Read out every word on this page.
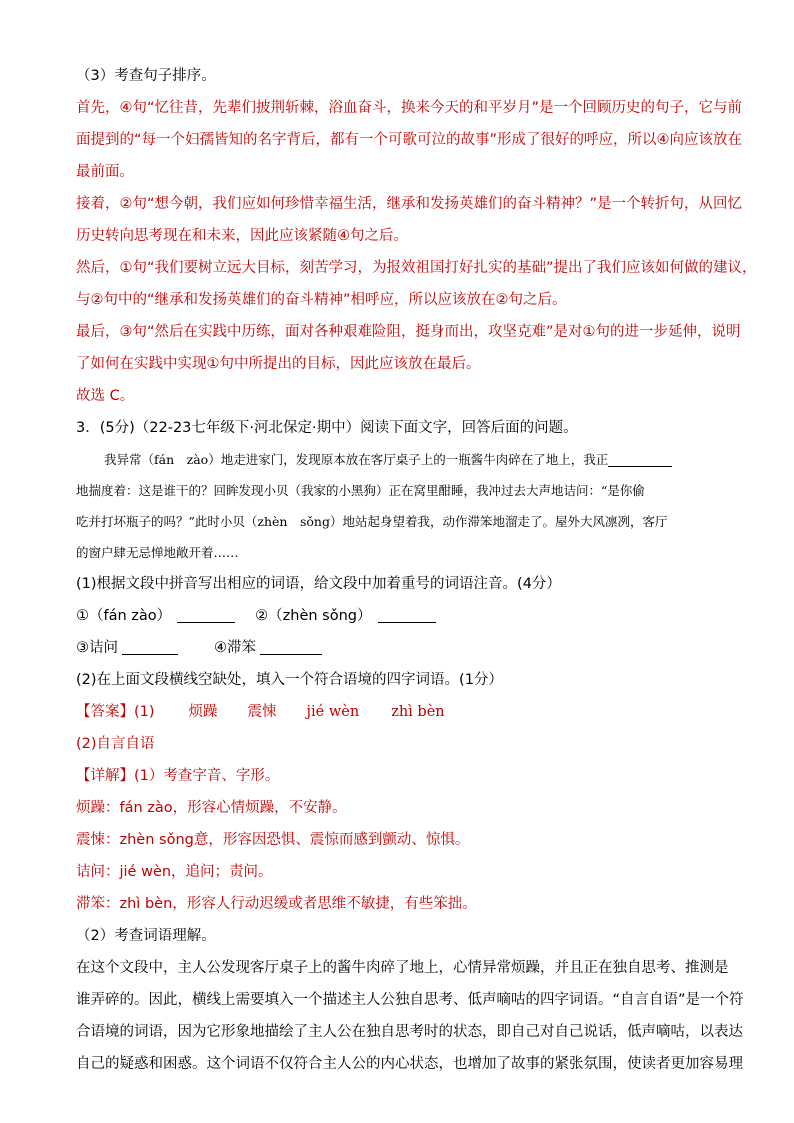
（3）考查句子排序。
首先，④句“忆往昔，先辈们披荆斩棘，浴血奋斗，换来今天的和平岁月”是一个回顾历史的句子，它与前
面提到的“每一个妇孺皆知的名字背后，都有一个可歌可泣的故事”形成了很好的呼应，所以④向应该放在
最前面。
接着，②句“想今朝，我们应如何珍惜幸福生活，继承和发扬英雄们的奋斗精神？”是一个转折句，从回忆
历史转向思考现在和未来，因此应该紧随④句之后。
然后，①句“我们要树立远大目标，刻苦学习，为报效祖国打好扎实的基础”提出了我们应该如何做的建议，
与②句中的“继承和发扬英雄们的奋斗精神”相呼应，所以应该放在②句之后。
最后，③句“然后在实践中历练，面对各种艰难险阻，挺身而出，攻坚克难”是对①句的进一步延伸，说明
了如何在实践中实现①句中所提出的目标，因此应该放在最后。
故选 C。
3．(5分)（22-23七年级下·河北保定·期中）阅读下面文字，回答后面的问题。
我异常（fán　zào）地走进家门，发现原本放在客厅桌子上的一瓶酱牛肉碎在了地上，我正
地揣度着：这是谁干的？回眸发现小贝（我家的小黑狗）正在窝里酣睡，我冲过去大声地诘问：“是你偷
吃并打坏瓶子的吗？”此时小贝（zhèn　sǒng）地站起身望着我，动作滞笨地溜走了。屋外大风凛冽，客厅
的窗户肆无忌惮地敞开着……
(1)根据文段中拼音写出相应的词语，给文段中加着重号的词语注音。(4分）
①（fán zào）	②（zhèn sǒng）
③诘问	④滞笨
(2)在上面文段横线空缺处，填入一个符合语境的四字词语。(1分）
【答案】(1) 烦躁 震悚 jié wèn zhì bèn
(2)自言自语
【详解】(1）考查字音、字形。
烦躁：fán zào，形容心情烦躁，不安静。
震悚：zhèn sǒng意，形容因恐惧、震惊而感到颤动、惊惧。
诘问：jié wèn，追问；责问。
滞笨：zhì bèn，形容人行动迟缓或者思维不敏捷，有些笨拙。
（2）考查词语理解。
在这个文段中，主人公发现客厅桌子上的酱牛肉碎了地上，心情异常烦躁，并且正在独自思考、推测是
谁弄碎的。因此，横线上需要填入一个描述主人公独自思考、低声嘀咕的四字词语。“自言自语”是一个符
合语境的词语，因为它形象地描绘了主人公在独自思考时的状态，即自己对自己说话，低声嘀咕，以表达
自己的疑惑和困惑。这个词语不仅符合主人公的内心状态，也增加了故事的紧张氛围，使读者更加容易理
